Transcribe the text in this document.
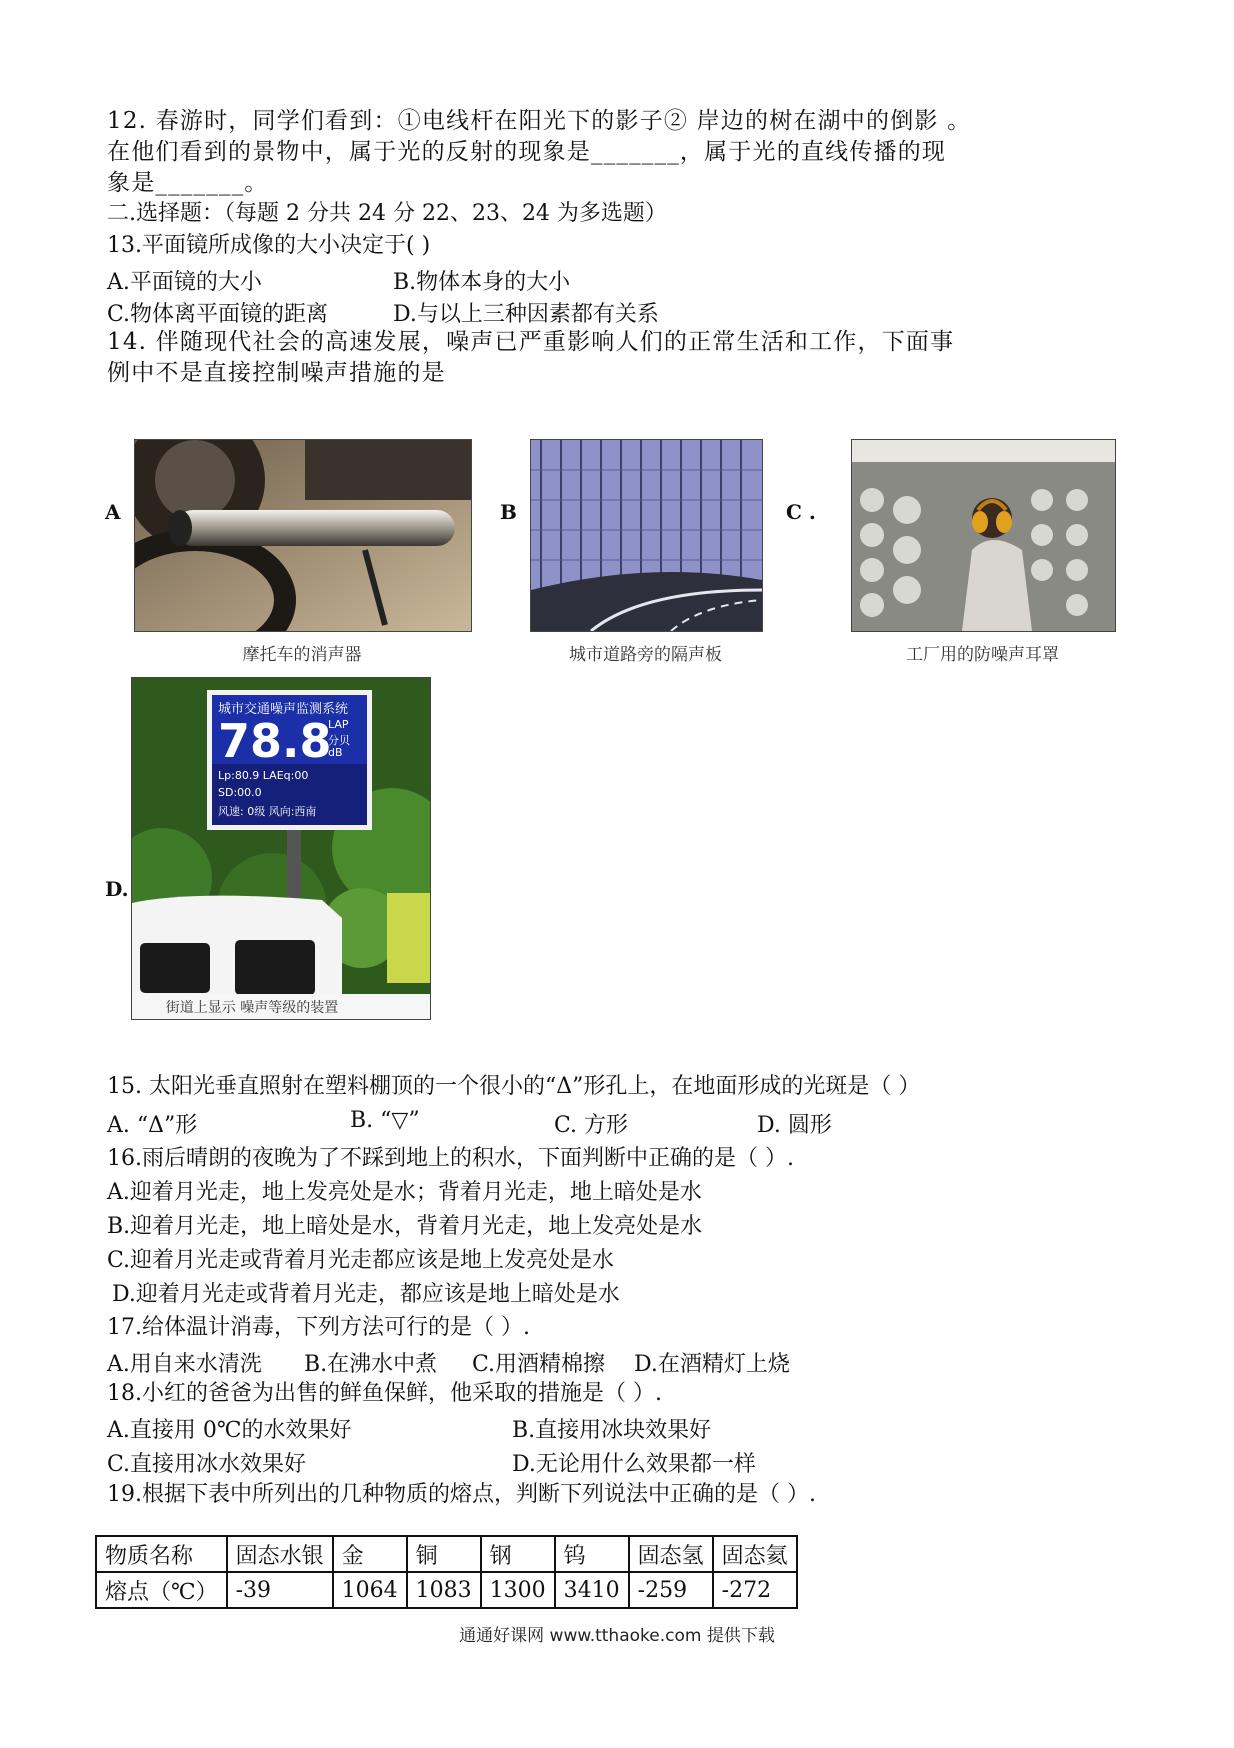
12. 春游时，同学们看到：①电线杆在阳光下的影子② 岸边的树在湖中的倒影 。
在他们看到的景物中，属于光的反射的现象是_______，属于光的直线传播的现
象是_______。
二.选择题：（每题 2 分共 24 分 22、23、24 为多选题）
13.平面镜所成像的大小决定于( )
A.平面镜的大小	B.物体本身的大小
C.物体离平面镜的距离	D.与以上三种因素都有关系
14. 伴随现代社会的高速发展，噪声已严重影响人们的正常生活和工作，下面事
例中不是直接控制噪声措施的是
A
摩托车的消声器
B
城市道路旁的隔声板
C .
工厂用的防噪声耳罩
D.
城市交通噪声监测系统
78.8
LAP
分贝
dB
Lp:80.9 LAEq:00
SD:00.0
风速: 0级 风向:西南
街道上显示 噪声等级的装置
15. 太阳光垂直照射在塑料棚顶的一个很小的“Δ”形孔上，在地面形成的光斑是（ ）
A. “Δ”形	B. “▽”	C. 方形	D. 圆形
16.雨后晴朗的夜晚为了不踩到地上的积水，下面判断中正确的是（ ）.
A.迎着月光走，地上发亮处是水；背着月光走，地上暗处是水
B.迎着月光走，地上暗处是水，背着月光走，地上发亮处是水
C.迎着月光走或背着月光走都应该是地上发亮处是水
D.迎着月光走或背着月光走，都应该是地上暗处是水
17.给体温计消毒，下列方法可行的是（ ）.
A.用自来水清洗 B.在沸水中煮 C.用酒精棉擦 D.在酒精灯上烧
18.小红的爸爸为出售的鲜鱼保鲜，他采取的措施是（ ）.
A.直接用 0℃的水效果好	B.直接用冰块效果好
C.直接用冰水效果好	D.无论用什么效果都一样
19.根据下表中所列出的几种物质的熔点，判断下列说法中正确的是（ ）.
物质名称	固态水银	金	铜	钢	钨	固态氢	固态氦
熔点（℃）	-39	1064	1083	1300	3410	-259	-272
通通好课网 www.tthaoke.com 提供下载
